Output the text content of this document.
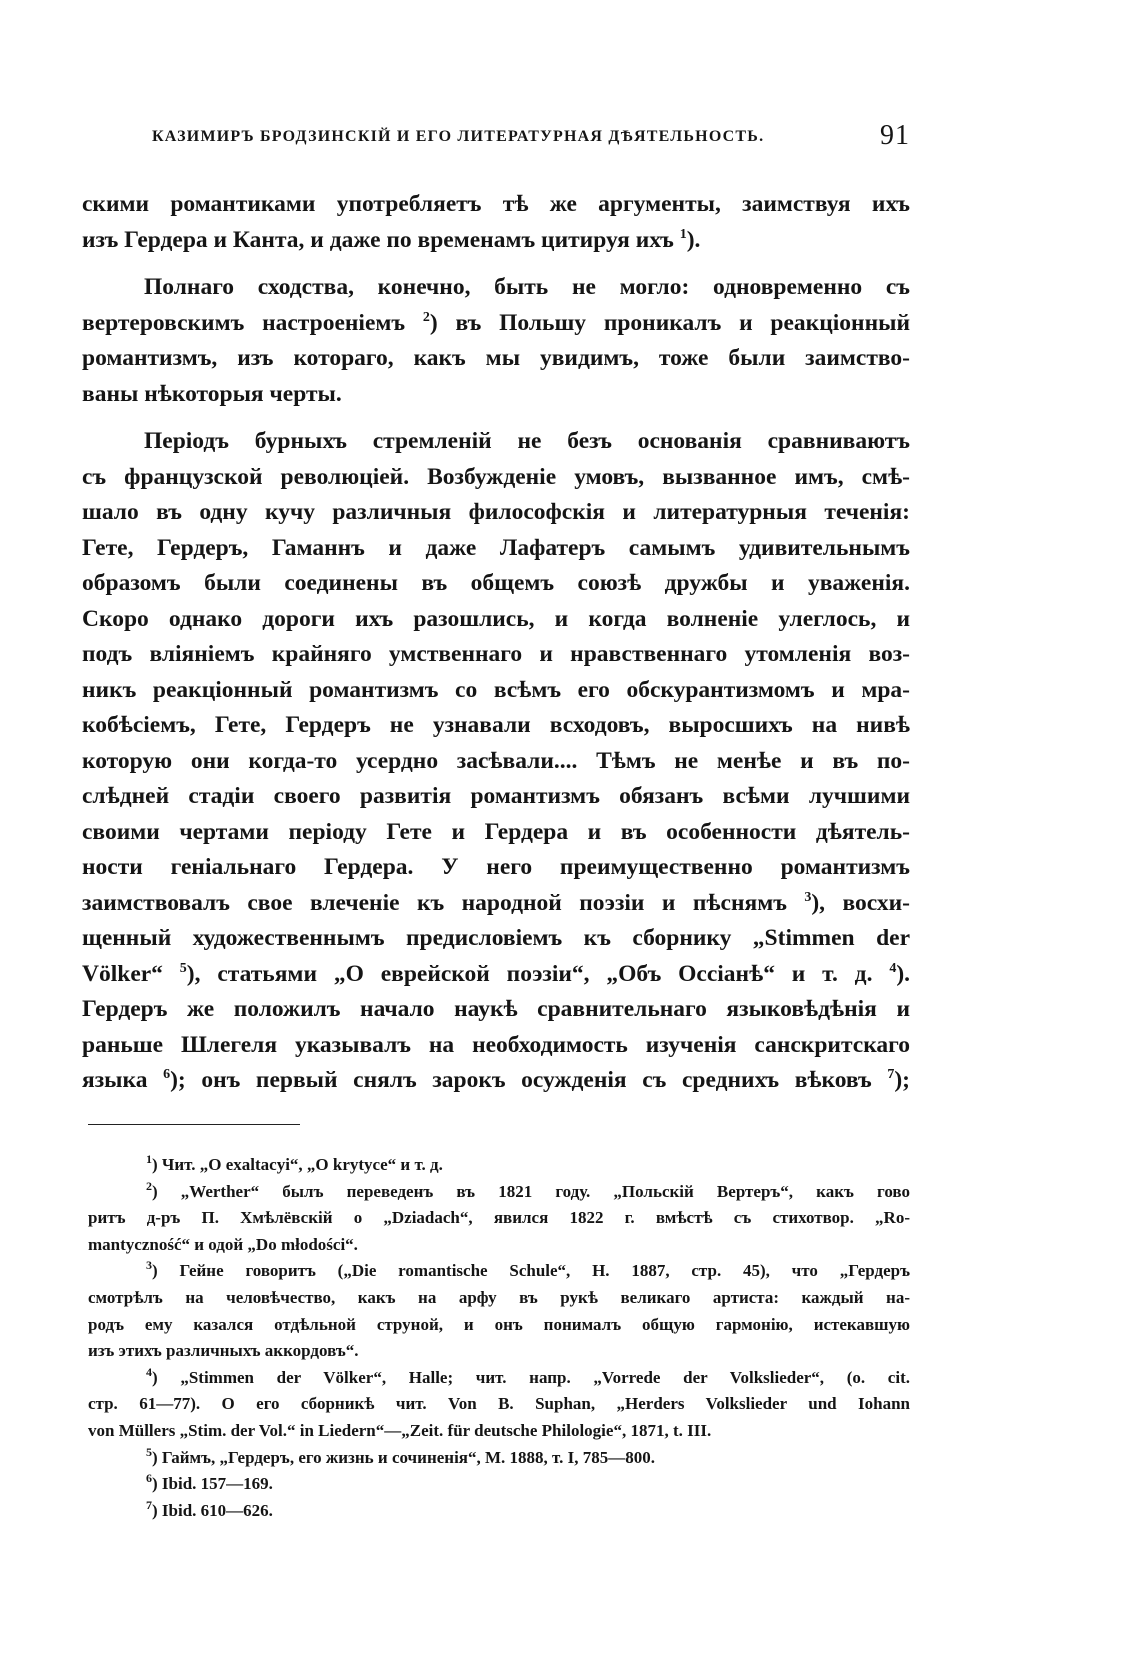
КАЗИМИРЪ БРОДЗИНСКІЙ И ЕГО ЛИТЕРАТУРНАЯ ДѢЯТЕЛЬНОСТЬ.	91
скими романтиками употребляетъ тѣ же аргументы, заимствуя ихъ
изъ Гердера и Канта, и даже по временамъ цитируя ихъ $^1$).
Полнаго сходства, конечно, быть не могло: одновременно съ
вертеровскимъ настроеніемъ $^2$) въ Польшу проникалъ и реакціонный
романтизмъ, изъ котораго, какъ мы увидимъ, тоже были заимство-
ваны нѣкоторыя черты.
Періодъ бурныхъ стремленій не безъ основанія сравниваютъ
съ французской революціей. Возбужденіе умовъ, вызванное имъ, смѣ-
шало въ одну кучу различныя философскія и литературныя теченія:
Гете, Гердеръ, Гаманнъ и даже Лафатеръ самымъ удивительнымъ
образомъ были соединены въ общемъ союзѣ дружбы и уваженія.
Скоро однако дороги ихъ разошлись, и когда волненіе улеглось, и
подъ вліяніемъ крайняго умственнаго и нравственнаго утомленія воз-
никъ реакціонный романтизмъ со всѣмъ его обскурантизмомъ и мра-
кобѣсіемъ, Гете, Гердеръ не узнавали всходовъ, выросшихъ на нивѣ
которую они когда-то усердно засѣвали.... Тѣмъ не менѣе и въ по-
слѣдней стадіи своего развитія романтизмъ обязанъ всѣми лучшими
своими чертами періоду Гете и Гердера и въ особенности дѣятель-
ности геніальнаго Гердера. У него преимущественно романтизмъ
заимствовалъ свое влеченіе къ народной поэзіи и пѣснямъ $^3$), восхи-
щенный художественнымъ предисловіемъ къ сборнику „Stimmen der
Völker“ $^5$), статьями „О еврейской поэзіи“, „Объ Оссіанѣ“ и т. д. $^4$).
Гердеръ же положилъ начало наукѣ сравнительнаго языковѣдѣнія и
раньше Шлегеля указывалъ на необходимость изученія санскритскаго
языка $^6$); онъ первый снялъ зарокъ осужденія съ среднихъ вѣковъ $^7$);
$^1$) Чит. „O exaltacyi“, „O krytyce“ и т. д.
$^2$) „Werther“ былъ переведенъ въ 1821 году. „Польскій Вертеръ“, какъ гово
ритъ д-ръ П. Хмѣлёвскій о „Dziadach“, явился 1822 г. вмѣстѣ съ стихотвор. „Ro-
mantyczność“ и одой „Do młodości“.
$^3$) Гейне говоритъ („Die romantische Schule“, H. 1887, стр. 45), что „Гердеръ
смотрѣлъ на человѣчество, какъ на арфу въ рукѣ великаго артиста: каждый на-
родъ ему казался отдѣльной струной, и онъ понималъ общую гармонію, истекавшую
изъ этихъ различныхъ аккордовъ“.
$^4$) „Stimmen der Völker“, Halle; чит. напр. „Vorrede der Volkslieder“, (o. cit.
стр. 61—77). О его сборникѣ чит. Von B. Suphan, „Herders Volkslieder und Iohann
von Müllers „Stim. der Vol.“ in Liedern“—„Zeit. für deutsche Philologie“, 1871, t. III.
$^5$) Гаймъ, „Гердеръ, его жизнь и сочиненія“, М. 1888, т. I, 785—800.
$^6$) Ibid. 157—169.
$^7$) Ibid. 610—626.
